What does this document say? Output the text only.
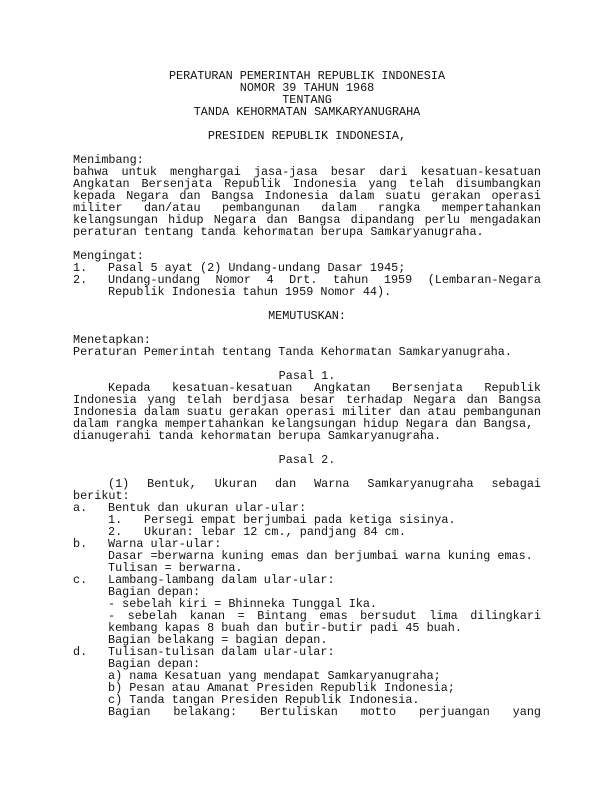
PERATURAN PEMERINTAH REPUBLIK INDONESIA
NOMOR 39 TAHUN 1968
TENTANG
TANDA KEHORMATAN SAMKARYANUGRAHA
PRESIDEN REPUBLIK INDONESIA,
Menimbang:
bahwa untuk menghargai jasa-jasa besar dari kesatuan-kesatuan
Angkatan Bersenjata Republik Indonesia yang telah disumbangkan
kepada Negara dan Bangsa Indonesia dalam suatu gerakan operasi
militer dan/atau pembangunan dalam rangka mempertahankan
kelangsungan hidup Negara dan Bangsa dipandang perlu mengadakan
peraturan tentang tanda kehormatan berupa Samkaryanugraha.
Mengingat:
1. Pasal 5 ayat (2) Undang-undang Dasar 1945;
2. Undang-undang Nomor 4 Drt. tahun 1959 (Lembaran-Negara
Republik Indonesia tahun 1959 Nomor 44).
MEMUTUSKAN:
Menetapkan:
Peraturan Pemerintah tentang Tanda Kehormatan Samkaryanugraha.
Pasal 1.
Kepada kesatuan-kesatuan Angkatan Bersenjata Republik
Indonesia yang telah berdjasa besar terhadap Negara dan Bangsa
Indonesia dalam suatu gerakan operasi militer dan atau pembangunan
dalam rangka mempertahankan kelangsungan hidup Negara dan Bangsa,
dianugerahi tanda kehormatan berupa Samkaryanugraha.
Pasal 2.
(1) Bentuk, Ukuran dan Warna Samkaryanugraha sebagai
berikut:
a. Bentuk dan ukuran ular-ular:
1. Persegi empat berjumbai pada ketiga sisinya.
2. Ukuran: lebar 12 cm., pandjang 84 cm.
b. Warna ular-ular:
Dasar =berwarna kuning emas dan berjumbai warna kuning emas.
Tulisan = berwarna.
c. Lambang-lambang dalam ular-ular:
Bagian depan:
- sebelah kiri = Bhinneka Tunggal Ika.
- sebelah kanan = Bintang emas bersudut lima dilingkari
kembang kapas 8 buah dan butir-butir padi 45 buah.
Bagian belakang = bagian depan.
d. Tulisan-tulisan dalam ular-ular:
Bagian depan:
a) nama Kesatuan yang mendapat Samkaryanugraha;
b) Pesan atau Amanat Presiden Republik Indonesia;
c) Tanda tangan Presiden Republik Indonesia.
Bagian belakang: Bertuliskan motto perjuangan yang
